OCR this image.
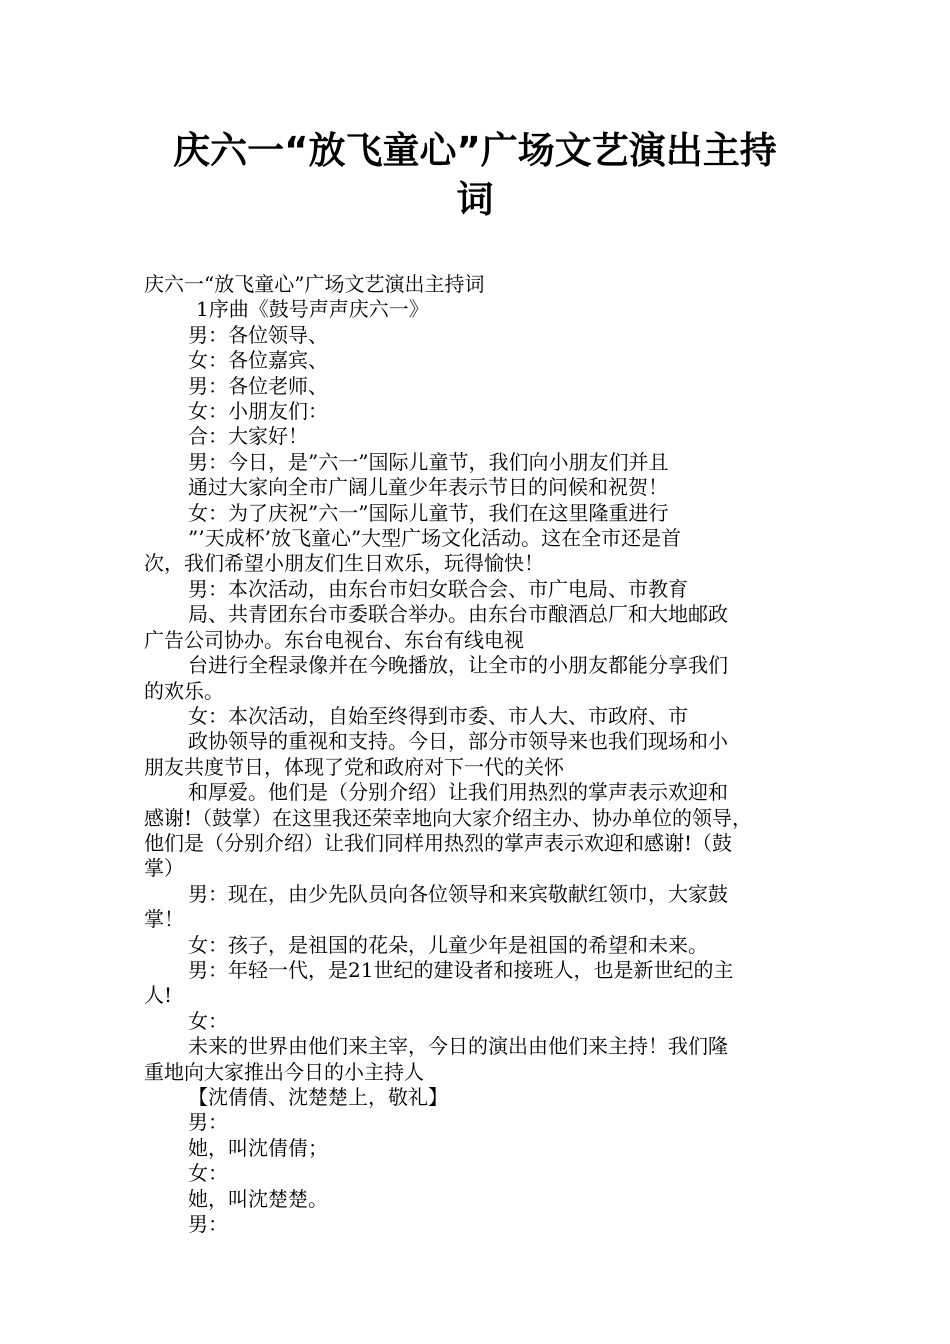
庆六一“放飞童心”广场文艺演出主持
词

庆六一“放飞童心”广场文艺演出主持词

1序曲《鼓号声声庆六一》

男：各位领导、

女：各位嘉宾、

男：各位老师、

女：小朋友们：

合：大家好！

男：今日，是”六一”国际儿童节，我们向小朋友们并且

通过大家向全市广阔儿童少年表示节日的问候和祝贺！

女：为了庆祝”六一”国际儿童节，我们在这里隆重进行

”’天成杯’放飞童心”大型广场文化活动。这在全市还是首

次，我们希望小朋友们生日欢乐，玩得愉快！

男：本次活动，由东台市妇女联合会、市广电局、市教育

局、共青团东台市委联合举办。由东台市酿酒总厂和大地邮政

广告公司协办。东台电视台、东台有线电视

台进行全程录像并在今晚播放，让全市的小朋友都能分享我们

的欢乐。

女：本次活动，自始至终得到市委、市人大、市政府、市

政协领导的重视和支持。今日，部分市领导来也我们现场和小

朋友共度节日，体现了党和政府对下一代的关怀

和厚爱。他们是（分别介绍）让我们用热烈的掌声表示欢迎和

感谢!（鼓掌）在这里我还荣幸地向大家介绍主办、协办单位的领导，

他们是（分别介绍）让我们同样用热烈的掌声表示欢迎和感谢!（鼓

掌）

男：现在，由少先队员向各位领导和来宾敬献红领巾，大家鼓

掌！

女：孩子，是祖国的花朵，儿童少年是祖国的希望和未来。

男：年轻一代，是21世纪的建设者和接班人，也是新世纪的主

人!

女：

未来的世界由他们来主宰，今日的演出由他们来主持！我们隆

重地向大家推出今日的小主持人

【沈倩倩、沈楚楚上，敬礼】

男：

她，叫沈倩倩；

女：

她，叫沈楚楚。

男：
